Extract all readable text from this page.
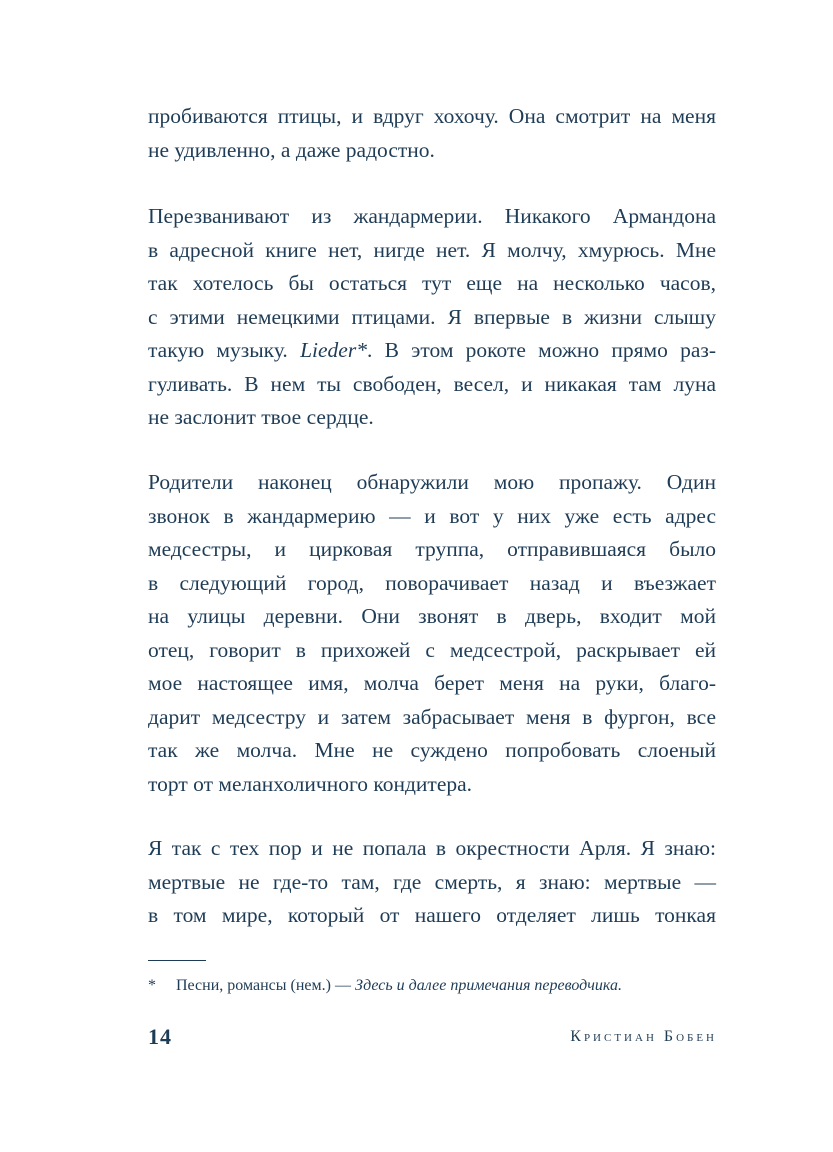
пробиваются птицы, и вдруг хохочу. Она смотрит на меня
не удивленно, а даже радостно.

Перезванивают из жандармерии. Никакого Армандона
в адресной книге нет, нигде нет. Я молчу, хмурюсь. Мне
так хотелось бы остаться тут еще на несколько часов,
с этими немецкими птицами. Я впервые в жизни слышу
такую музыку. Lieder*. В этом рокоте можно прямо раз-
гуливать. В нем ты свободен, весел, и никакая там луна
не заслонит твое сердце.

Родители наконец обнаружили мою пропажу. Один
звонок в жандармерию — и вот у них уже есть адрес
медсестры, и цирковая труппа, отправившаяся было
в следующий город, поворачивает назад и въезжает
на улицы деревни. Они звонят в дверь, входит мой
отец, говорит в прихожей с медсестрой, раскрывает ей
мое настоящее имя, молча берет меня на руки, благо-
дарит медсестру и затем забрасывает меня в фургон, все
так же молча. Мне не суждено попробовать слоеный
торт от меланхоличного кондитера.

Я так с тех пор и не попала в окрестности Арля. Я знаю:
мертвые не где-то там, где смерть, я знаю: мертвые —
в том мире, который от нашего отделяет лишь тонкая

* Песни, романсы (нем.) — Здесь и далее примечания переводчика.
14	Кристиан Бобен
